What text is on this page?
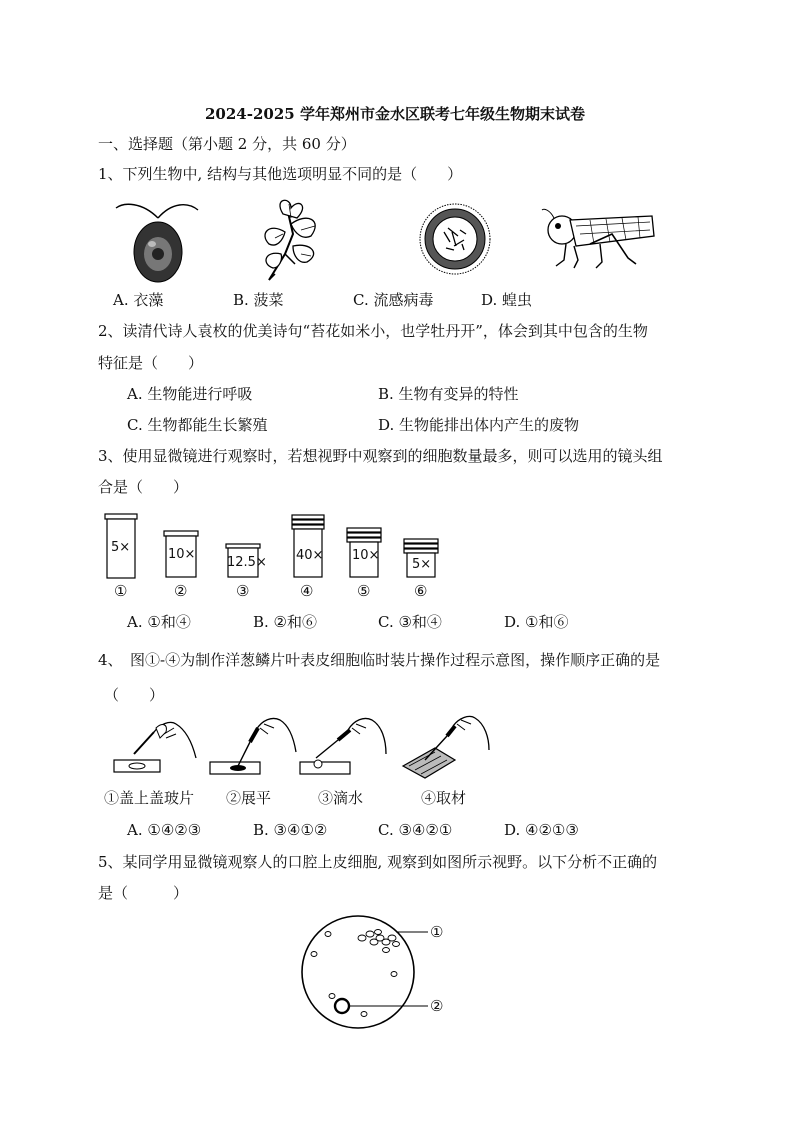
2024-2025 学年郑州市金水区联考七年级生物期末试卷
一、选择题（第小题 2 分，共 60 分）
1、下列生物中, 结构与其他选项明显不同的是（　　）
A. 衣藻	B. 菠菜	C. 流感病毒	D. 蝗虫
2、读清代诗人袁枚的优美诗句“苔花如米小，也学牡丹开”，体会到其中包含的生物
特征是（　　）
A. 生物能进行呼吸	B. 生物有变异的特性
C. 生物都能生长繁殖	D. 生物能排出体内产生的废物
3、使用显微镜进行观察时，若想视野中观察到的细胞数量最多，则可以选用的镜头组
合是（　　）
5×	10×
12.5× 40× 10×
5×
①	②	③	④	⑤	⑥
A. ①和④	B. ②和⑥	C. ③和④	D. ①和⑥
4、　图①-④为制作洋葱鳞片叶表皮细胞临时装片操作过程示意图，操作顺序正确的是
（　　）
①盖上盖玻片 ②展平	③滴水	④取材
A. ①④②③	B. ③④①②	C. ③④②①	D. ④②①③
5、某同学用显微镜观察人的口腔上皮细胞, 观察到如图所示视野。以下分析不正确的
是（　　　）
①
②
